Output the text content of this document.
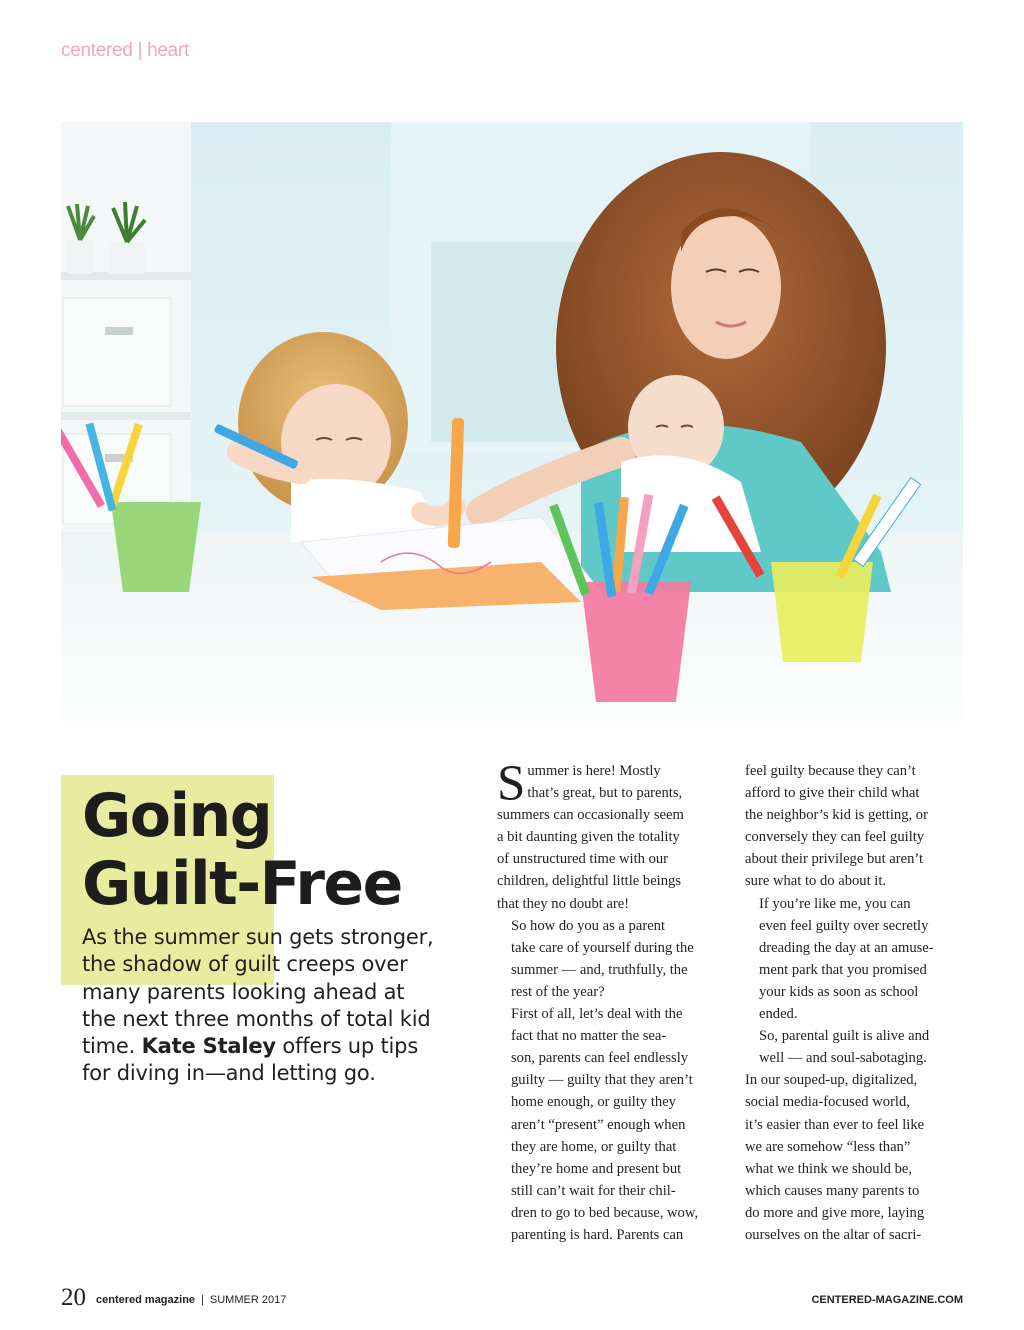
centered | heart
Going
Guilt-Free

As the summer sun gets stronger, the shadow of guilt creeps over many parents looking ahead at the next three months of total kid time. Kate Staley offers up tips for diving in—and letting go.

S ummer is here! Mostly
that’s great, but to parents,
summers can occasionally seem
a bit daunting given the totality
of unstructured time with our
children, delightful little beings
that they no doubt are!

So how do you as a parent
take care of yourself during the
summer — and, truthfully, the
rest of the year?

First of all, let’s deal with the
fact that no matter the sea-
son, parents can feel endlessly
guilty — guilty that they aren’t
home enough, or guilty they
aren’t “present” enough when
they are home, or guilty that
they’re home and present but
still can’t wait for their chil-
dren to go to bed because, wow,
parenting is hard. Parents can

feel guilty because they can’t
afford to give their child what
the neighbor’s kid is getting, or
conversely they can feel guilty
about their privilege but aren’t
sure what to do about it.

If you’re like me, you can
even feel guilty over secretly
dreading the day at an amuse-
ment park that you promised
your kids as soon as school
ended.

So, parental guilt is alive and
well — and soul-sabotaging.

In our souped-up, digitalized,
social media-focused world,
it’s easier than ever to feel like
we are somehow “less than”
what we think we should be,
which causes many parents to
do more and give more, laying
ourselves on the altar of sacri-

20 centered magazine | SUMMER 2017	CENTERED-MAGAZINE.COM
